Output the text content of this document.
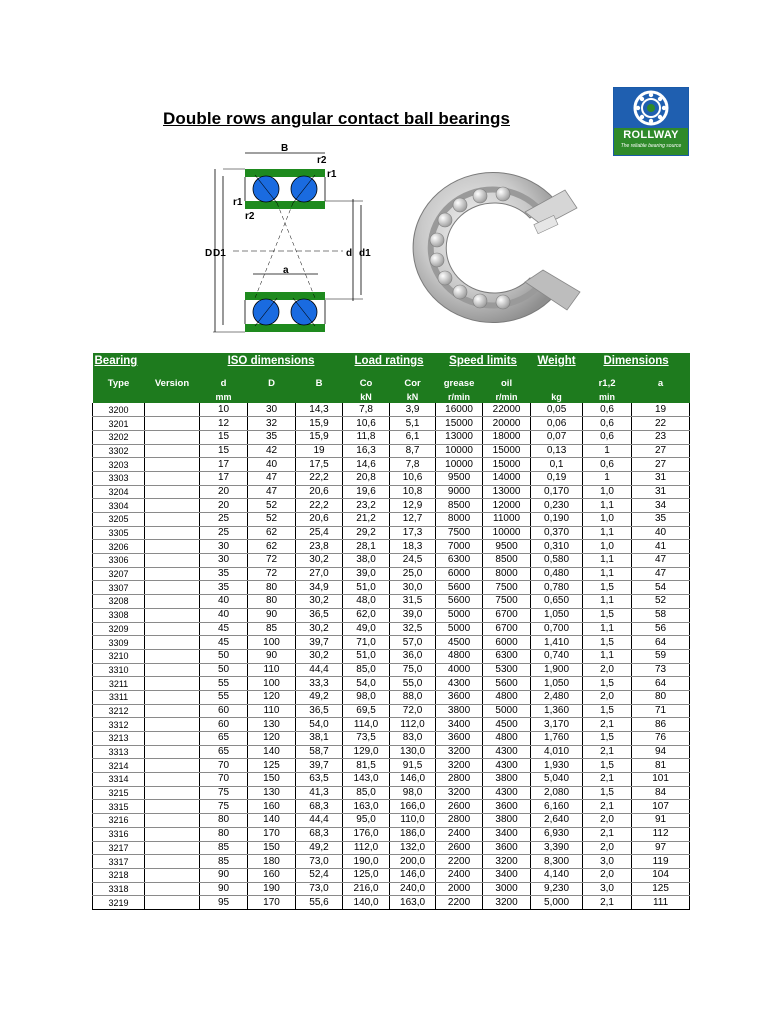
Double rows angular contact ball bearings
ROLLWAY
The reliable bearing source
B
r2
r1
r1
r2
D D1	d d1
a
Bearing		ISO dimensions			Load ratings		Speed limits		Weight	Dimensions	
Type	Version	d	D	B	Co	Cor	grease	oil		r1,2	a
		mm			kN	kN	r/min	r/min	kg	min	
3200		10	30	14,3	7,8	3,9	16000	22000	0,05	0,6	19
3201		12	32	15,9	10,6	5,1	15000	20000	0,06	0,6	22
3202		15	35	15,9	11,8	6,1	13000	18000	0,07	0,6	23
3302		15	42	19	16,3	8,7	10000	15000	0,13	1	27
3203		17	40	17,5	14,6	7,8	10000	15000	0,1	0,6	27
3303		17	47	22,2	20,8	10,6	9500	14000	0,19	1	31
3204		20	47	20,6	19,6	10,8	9000	13000	0,170	1,0	31
3304		20	52	22,2	23,2	12,9	8500	12000	0,230	1,1	34
3205		25	52	20,6	21,2	12,7	8000	11000	0,190	1,0	35
3305		25	62	25,4	29,2	17,3	7500	10000	0,370	1,1	40
3206		30	62	23,8	28,1	18,3	7000	9500	0,310	1,0	41
3306		30	72	30,2	38,0	24,5	6300	8500	0,580	1,1	47
3207		35	72	27,0	39,0	25,0	6000	8000	0,480	1,1	47
3307		35	80	34,9	51,0	30,0	5600	7500	0,780	1,5	54
3208		40	80	30,2	48,0	31,5	5600	7500	0,650	1,1	52
3308		40	90	36,5	62,0	39,0	5000	6700	1,050	1,5	58
3209		45	85	30,2	49,0	32,5	5000	6700	0,700	1,1	56
3309		45	100	39,7	71,0	57,0	4500	6000	1,410	1,5	64
3210		50	90	30,2	51,0	36,0	4800	6300	0,740	1,1	59
3310		50	110	44,4	85,0	75,0	4000	5300	1,900	2,0	73
3211		55	100	33,3	54,0	55,0	4300	5600	1,050	1,5	64
3311		55	120	49,2	98,0	88,0	3600	4800	2,480	2,0	80
3212		60	110	36,5	69,5	72,0	3800	5000	1,360	1,5	71
3312		60	130	54,0	114,0	112,0	3400	4500	3,170	2,1	86
3213		65	120	38,1	73,5	83,0	3600	4800	1,760	1,5	76
3313		65	140	58,7	129,0	130,0	3200	4300	4,010	2,1	94
3214		70	125	39,7	81,5	91,5	3200	4300	1,930	1,5	81
3314		70	150	63,5	143,0	146,0	2800	3800	5,040	2,1	101
3215		75	130	41,3	85,0	98,0	3200	4300	2,080	1,5	84
3315		75	160	68,3	163,0	166,0	2600	3600	6,160	2,1	107
3216		80	140	44,4	95,0	110,0	2800	3800	2,640	2,0	91
3316		80	170	68,3	176,0	186,0	2400	3400	6,930	2,1	112
3217		85	150	49,2	112,0	132,0	2600	3600	3,390	2,0	97
3317		85	180	73,0	190,0	200,0	2200	3200	8,300	3,0	119
3218		90	160	52,4	125,0	146,0	2400	3400	4,140	2,0	104
3318		90	190	73,0	216,0	240,0	2000	3000	9,230	3,0	125
3219		95	170	55,6	140,0	163,0	2200	3200	5,000	2,1	111
